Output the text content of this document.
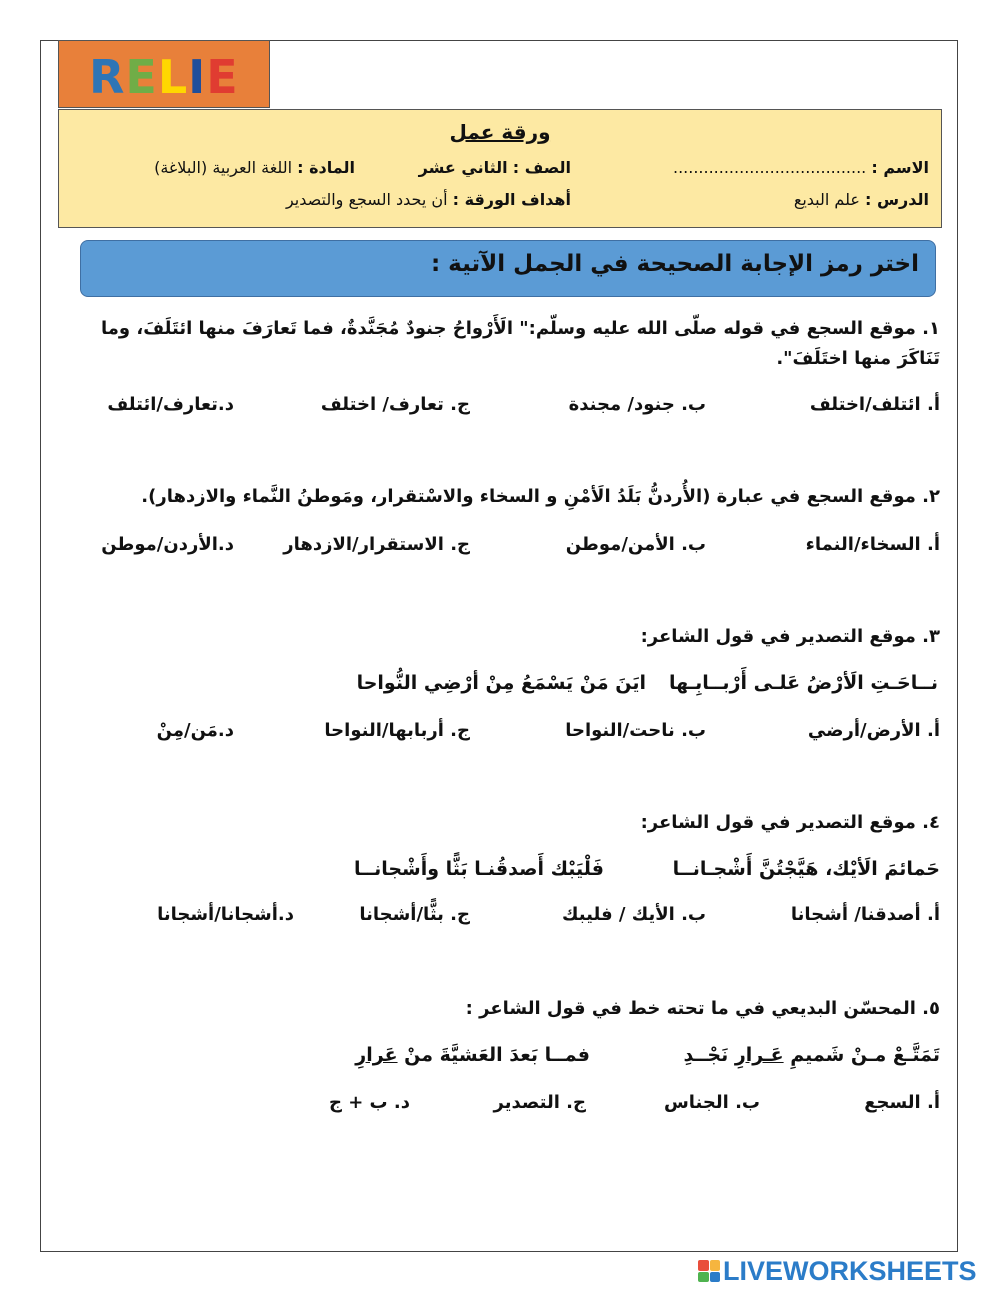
RELIE
ورقة عمل
الاسم : ......................................
الصف : الثاني عشر
المادة : اللغة العربية (البلاغة)
الدرس : علم البديع
أهداف الورقة : أن يحدد السجع والتصدير
اختر رمز الإجابة الصحيحة في الجمل الآتية :
١. موقع السجع في قوله صلّى الله عليه وسلّم:" الَأَرْواحُ جنودٌ مُجَنَّدةٌ، فما تَعارَفَ منها ائتَلَفَ، وما تَنَاكَرَ منها اختَلَفَ".
أ. ائتلف/اختلف
ب. جنود/ مجندة
ج. تعارف/ اختلف
د.تعارف/ائتلف
٢. موقع السجع في عبارة (الأُردنُّ بَلَدُ الَأمْنِ و السخاء والاسْتقرار، ومَوطنُ النَّماء والازدهار).
أ. السخاء/النماء
ب. الأمن/موطن
ج. الاستقرار/الازدهار
د.الأردن/موطن
٣. موقع التصدير في قول الشاعر:
نــاحَـتِ الَأرْضُ عَلـى أَرْبــابِـها
ايَنَ مَنْ يَسْمَعُ مِنْ أرْضِي النُّواحا
أ. الأرض/أرضي
ب. ناحت/النواحا
ج. أربابها/النواحا
د.مَن/مِنْ
٤. موقع التصدير في قول الشاعر:
حَمائمَ الَأيْك، هَيَّجْتُنَّ أَشْجـانــا
فَلْيَبْك أَصدقُنـا بَثًّا وأَشْجانــا
أ. أصدقنا/ أشجانا
ب. الأيك / فليبك
ج. بثًّا/أشجانا
د.أشجانا/أشجانا
٥. المحسّن البديعي في ما تحته خط في قول الشاعر :
تَمَتَّـعْ مـنْ شَميمِ عَـرارِ نَجْــدِ
فمــا بَعدَ العَشيَّةَ منْ عَرارِ
أ. السجع
ب. الجناس
ج. التصدير
د. ب + ج
LIVEWORKSHEETS
